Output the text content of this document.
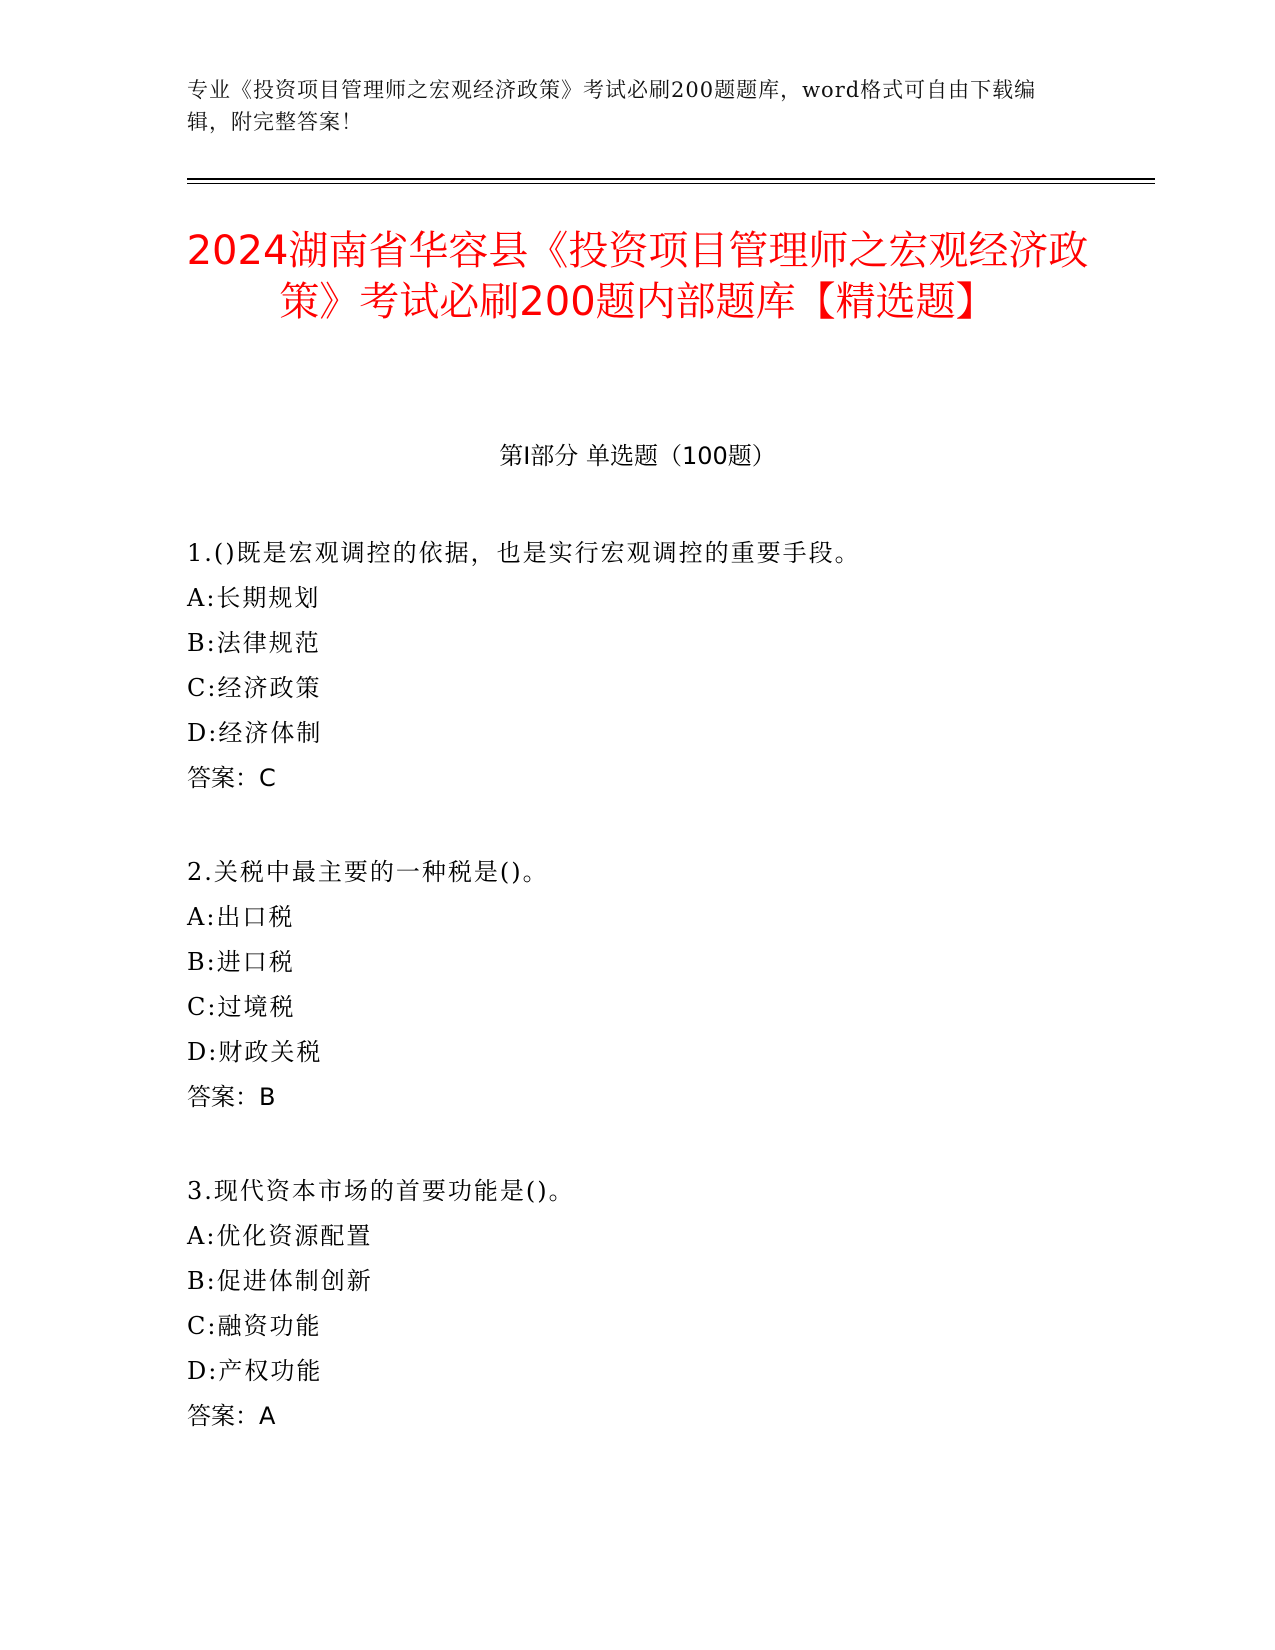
专业《投资项目管理师之宏观经济政策》考试必刷200题题库，word格式可自由下载编辑，附完整答案！
2024湖南省华容县《投资项目管理师之宏观经济政策》考试必刷200题内部题库【精选题】
第Ⅰ部分 单选题（100题）
1.()既是宏观调控的依据，也是实行宏观调控的重要手段。
A:长期规划
B:法律规范
C:经济政策
D:经济体制
答案：C
2.关税中最主要的一种税是()。
A:出口税
B:进口税
C:过境税
D:财政关税
答案：B
3.现代资本市场的首要功能是()。
A:优化资源配置
B:促进体制创新
C:融资功能
D:产权功能
答案：A
